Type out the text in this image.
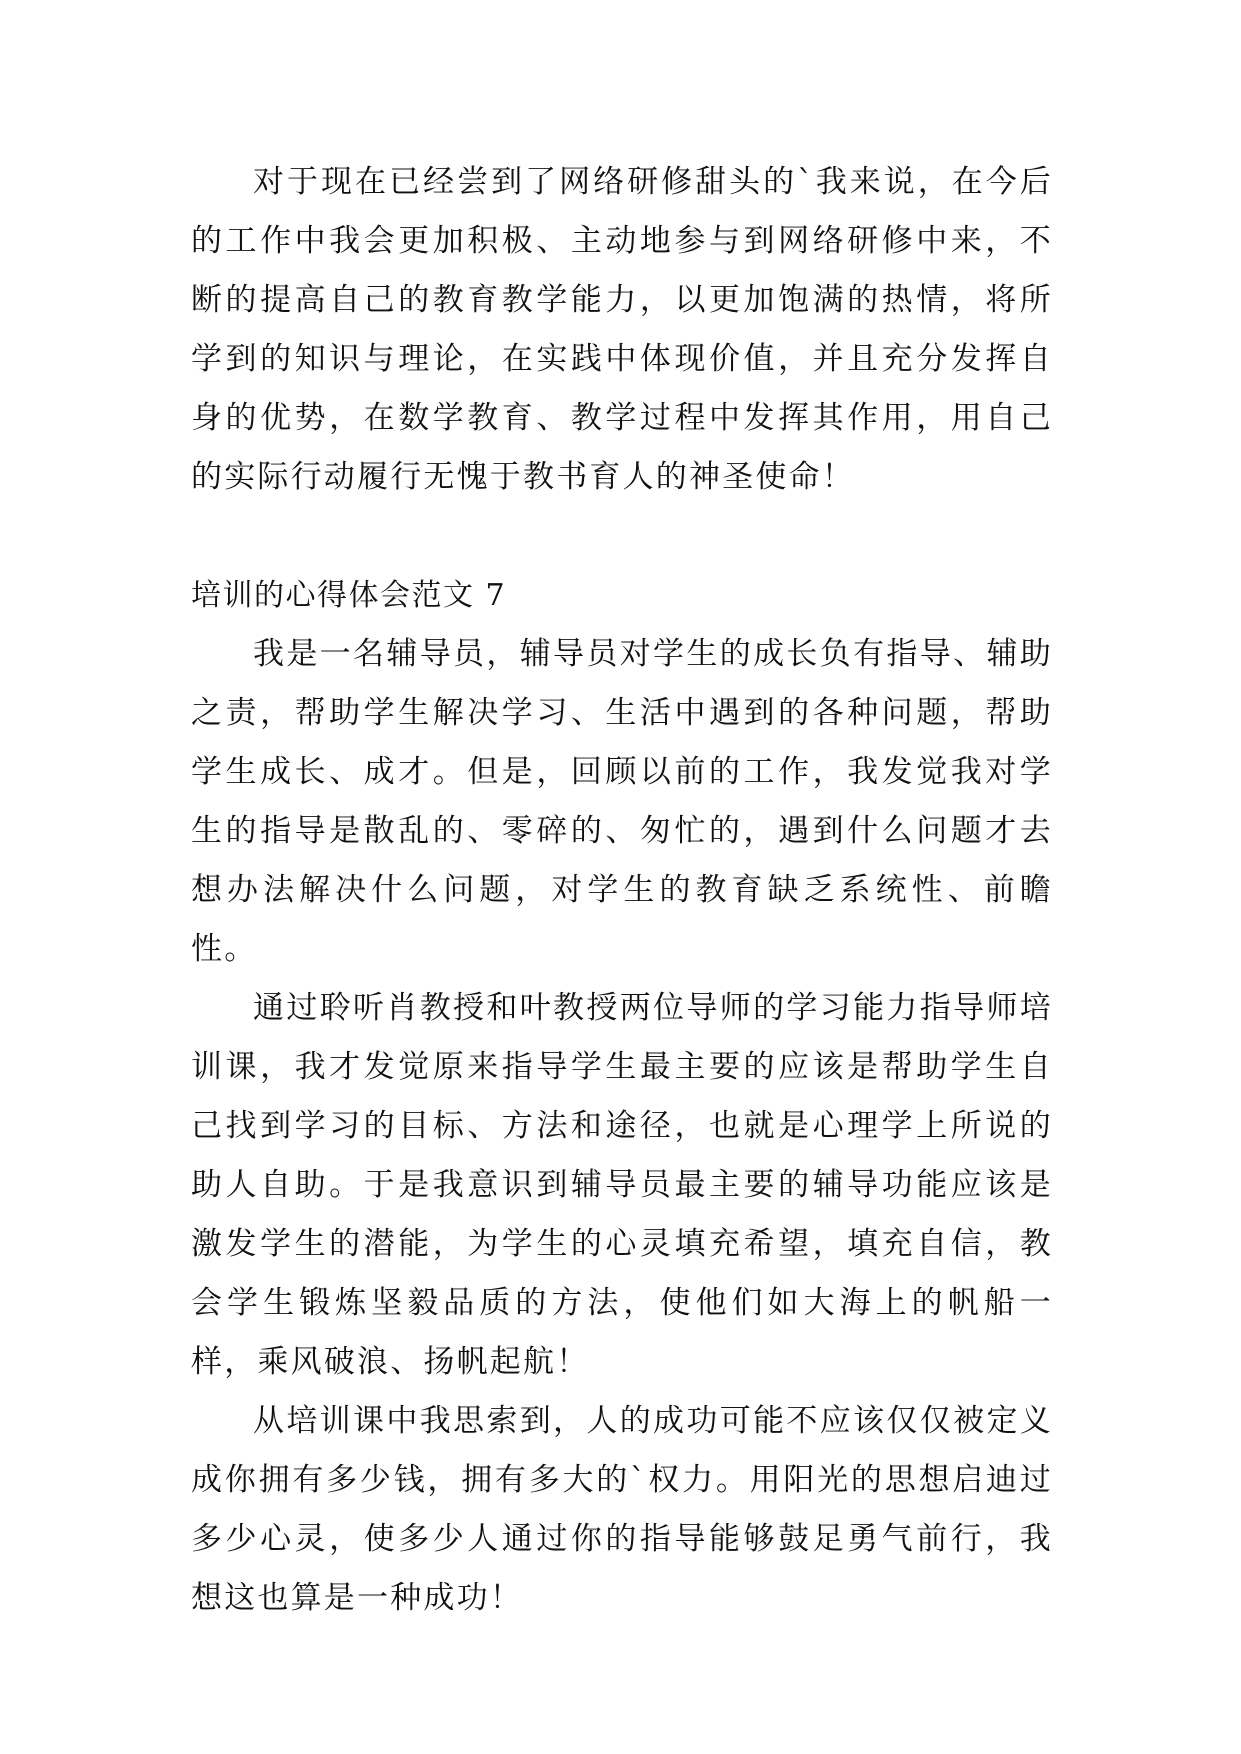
对于现在已经尝到了网络研修甜头的`我来说，在今后的工作中我会更加积极、主动地参与到网络研修中来，不断的提高自己的教育教学能力，以更加饱满的热情，将所学到的知识与理论，在实践中体现价值，并且充分发挥自身的优势，在数学教育、教学过程中发挥其作用，用自己的实际行动履行无愧于教书育人的神圣使命！

培训的心得体会范文 7

我是一名辅导员，辅导员对学生的成长负有指导、辅助之责，帮助学生解决学习、生活中遇到的各种问题，帮助学生成长、成才。但是，回顾以前的工作，我发觉我对学生的指导是散乱的、零碎的、匆忙的，遇到什么问题才去想办法解决什么问题，对学生的教育缺乏系统性、前瞻性。

通过聆听肖教授和叶教授两位导师的学习能力指导师培训课，我才发觉原来指导学生最主要的应该是帮助学生自己找到学习的目标、方法和途径，也就是心理学上所说的助人自助。于是我意识到辅导员最主要的辅导功能应该是激发学生的潜能，为学生的心灵填充希望，填充自信，教会学生锻炼坚毅品质的方法，使他们如大海上的帆船一样，乘风破浪、扬帆起航！

从培训课中我思索到，人的成功可能不应该仅仅被定义成你拥有多少钱，拥有多大的`权力。用阳光的思想启迪过多少心灵，使多少人通过你的指导能够鼓足勇气前行，我想这也算是一种成功！
